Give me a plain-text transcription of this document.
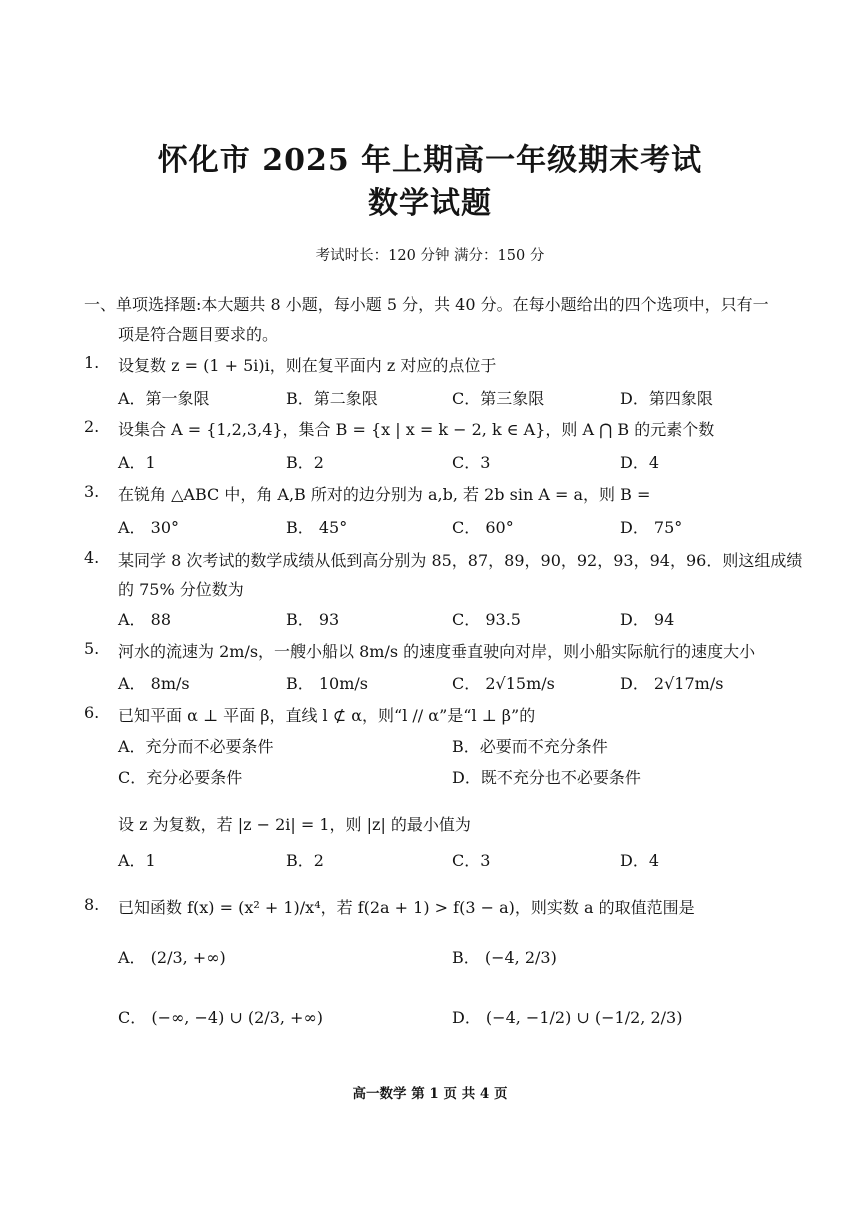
怀化市 2025 年上期高一年级期末考试
数学试题
考试时长：120 分钟 满分：150 分
一、单项选择题:本大题共 8 小题，每小题 5 分，共 40 分。在每小题给出的四个选项中，只有一
项是符合题目要求的。
1. 设复数 z = (1 + 5i)i，则在复平面内 z 对应的点位于
A．第一象限	B．第二象限	C．第三象限	D．第四象限
2. 设集合 A = {1,2,3,4}，集合 B = {x | x = k − 2, k ∈ A}，则 A ⋂ B 的元素个数
A．1	B．2	C．3	D．4
3. 在锐角 △ABC 中，角 A,B 所对的边分别为 a,b, 若 2b sin A = a，则 B =
A． 30°	B． 45°	C． 60°	D． 75°
4. 某同学 8 次考试的数学成绩从低到高分别为 85，87，89，90，92，93，94，96．则这组成绩
的 75% 分位数为
A． 88	B． 93	C． 93.5	D． 94
5. 河水的流速为 2m/s，一艘小船以 8m/s 的速度垂直驶向对岸，则小船实际航行的速度大小
A． 8m/s	B． 10m/s	C． 2√15m/s	D． 2√17m/s
6. 已知平面 α ⊥ 平面 β，直线 l ⊄ α，则“l // α”是“l ⊥ β”的
A．充分而不必要条件	B．必要而不充分条件
C．充分必要条件	D．既不充分也不必要条件
设 z 为复数，若 |z − 2i| = 1，则 |z| 的最小值为
A．1	B．2	C．3	D．4
8. 已知函数 f(x) = (x² + 1)/x⁴，若 f(2a + 1) > f(3 − a)，则实数 a 的取值范围是
A． (2/3, +∞)	B． (−4, 2/3)
C． (−∞, −4) ∪ (2/3, +∞)	D． (−4, −1/2) ∪ (−1/2, 2/3)
高一数学 第 1 页 共 4 页
